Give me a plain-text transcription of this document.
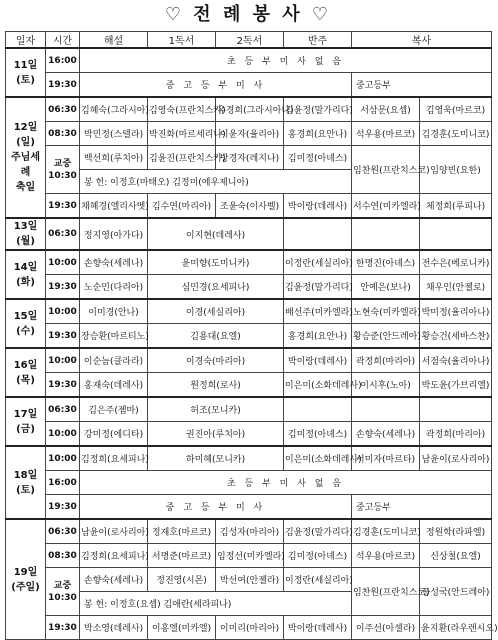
♡ 전 례 봉 사 ♡
일자	시간	해설	1독서	2독서	반주	복사	
11일
(토)	16:00	초 등 부 미 사 없 음					
	19:30	중 고 등 부 미 사				중고등부	
12일
(일)
주님세례
축일	06:30	김혜숙(그라시아)	김영숙(프란치스카)	유경희(그라시아나)	김윤정(말가리다)	서삼문(요셉)	김영욱(마르코)
	08:30	박민정(스텔라)	박진화(마르세리나)	이윤자(율리아)	홍경희(요안나)	석우용(마르코)	김경훈(도미니코)
	교중
10:30	백선희(루치아)	김윤진(프란치스카)	방경자(레지나)	김미정(아녜스)	임찬원(프란치스코)	임양빈(요한)
		봉 헌: 이정호(마태오) 김정미(에우제니아)					
	19:30	채혜경(엘리사벳)	김수연(마리아)	조윤숙(이사벨)	박이랑(데레사)	서수연(미카엘라)	체정희(루피나)
13일
(월)	06:30	정지영(아가다)	이지현(데레사)				
14일
(화)	10:00	손향숙(세레나)	윤미향(도미니카)		이정란(세실리아)	한명진(아녜스)	전수은(베로니카)
	19:30	노순민(다리아)	심민경(요세피나)		김윤정(말가리다)	안예은(보나)	채우인(안젤로)
15일
(수)	10:00	이미경(안나)	이경(세실리아)		배선주(미카엘라)	노현숙(미카엘라)	박미정(율리아나)
	19:30	장승환(마르티노)	김용대(요엘)		홍경희(요안나)	황승준(안드레아)	황승건(세바스찬)
16일
(목)	10:00	이순늠(클라라)	이경숙(마리아)		박이랑(데레사)	곽정희(마리아)	서점숙(율리아나)
	19:30	홍재숙(데레사)	원정희(로사)		이은미(소화데레사)	이시후(노아)	박도윤(가브리엘)
17일
(금)	06:30	김은주(젬마)	허조(모니카)				
	10:00	강미정(에디타)	권진아(루치아)		김미정(아녜스)	손향숙(세레나)	곽정희(마리아)
18일
(토)	10:00	김정희(요세피나)	하미혜(모니카)		이은미(소화데레사)	서미자(마르타)	남윤이(로사리아)
	16:00	초 등 부 미 사 없 음					
	19:30	중 고 등 부 미 사				중고등부	
19일
(주일)	06:30	남윤이(로사리아)	정재호(마르코)	김성자(마리아)	김윤정(말가리다)	김경훈(도미니코)	정원학(라파엘)
	08:30	김정희(요세피나)	서명준(마르코)	임정선(미카엘라)	김미정(아녜스)	석우용(마르코)	신상철(요엘)
	교중
10:30	손향숙(세레나)	정진영(시몬)	박선여(안젤라)	이정란(세실리아)	임찬원(프란치스코)	공성국(안드레아)
		봉 헌: 이정호(요셉) 김애란(세라피나)					
	19:30	박소영(데레사)	이홍엘(미카엘)	이미리(마리아)	박이랑(데레사)	이주선(아셀라)	윤지환(라우렌시오)
